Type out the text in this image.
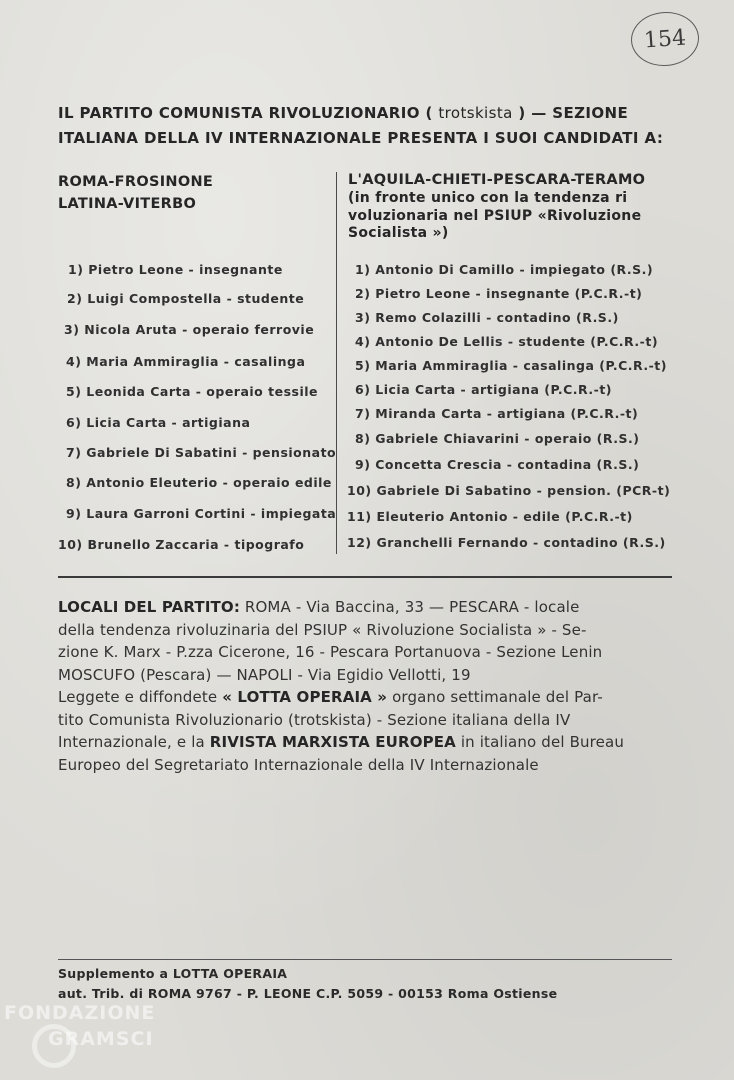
154
IL PARTITO COMUNISTA RIVOLUZIONARIO ( trotskista ) — SEZIONE
ITALIANA DELLA IV INTERNAZIONALE PRESENTA I SUOI CANDIDATI A:
ROMA-FROSINONE
LATINA-VITERBO
L'AQUILA-CHIETI-PESCARA-TERAMO
(in fronte unico con la tendenza ri
voluzionaria nel PSIUP «Rivoluzione
Socialista »)
1) Pietro Leone - insegnante
2) Luigi Compostella - studente
3) Nicola Aruta - operaio ferrovie
4) Maria Ammiraglia - casalinga
5) Leonida Carta - operaio tessile
6) Licia Carta - artigiana
7) Gabriele Di Sabatini - pensionato
8) Antonio Eleuterio - operaio edile
9) Laura Garroni Cortini - impiegata
10) Brunello Zaccaria - tipografo
1) Antonio Di Camillo - impiegato (R.S.)
2) Pietro Leone - insegnante (P.C.R.-t)
3) Remo Colazilli - contadino (R.S.)
4) Antonio De Lellis - studente (P.C.R.-t)
5) Maria Ammiraglia - casalinga (P.C.R.-t)
6) Licia Carta - artigiana (P.C.R.-t)
7) Miranda Carta - artigiana (P.C.R.-t)
8) Gabriele Chiavarini - operaio (R.S.)
9) Concetta Crescia - contadina (R.S.)
10) Gabriele Di Sabatino - pension. (PCR-t)
11) Eleuterio Antonio - edile (P.C.R.-t)
12) Granchelli Fernando - contadino (R.S.)
LOCALI DEL PARTITO: ROMA - Via Baccina, 33 — PESCARA - locale
della tendenza rivoluzinaria del PSIUP « Rivoluzione Socialista » - Se-
zione K. Marx - P.zza Cicerone, 16 - Pescara Portanuova - Sezione Lenin
MOSCUFO (Pescara) — NAPOLI - Via Egidio Vellotti, 19
Leggete e diffondete « LOTTA OPERAIA » organo settimanale del Par-
tito Comunista Rivoluzionario (trotskista) - Sezione italiana della IV
Internazionale, e la RIVISTA MARXISTA EUROPEA in italiano del Bureau
Europeo del Segretariato Internazionale della IV Internazionale
Supplemento a LOTTA OPERAIA
aut. Trib. di ROMA 9767 - P. LEONE C.P. 5059 - 00153 Roma Ostiense
FONDAZIONE
GRAMSCI
